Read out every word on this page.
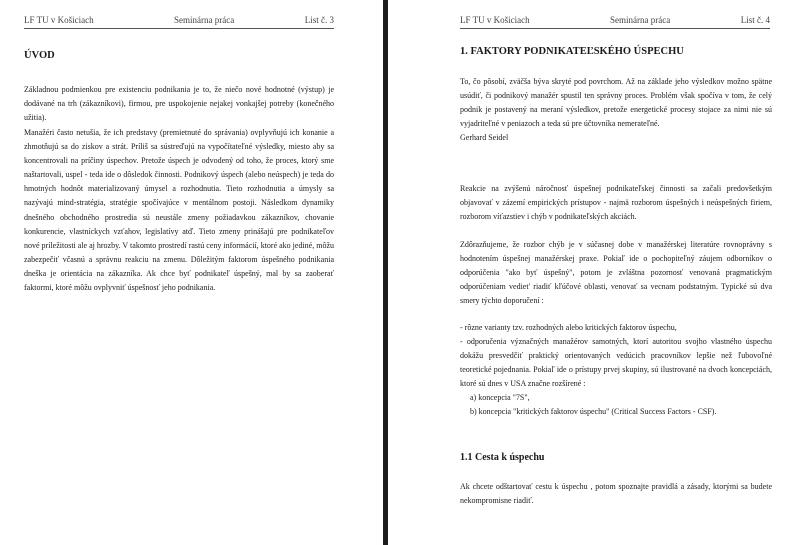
LF TU v Košiciach	Seminárna práca	List č. 3
ÚVOD

Základnou podmienkou pre existenciu podnikania je to, že niečo nové hodnotné (výstup) je dodávané na trh (zákazníkovi), firmou, pre uspokojenie nejakej vonkajšej potreby (konečného užitia).

Manažéri často netušia, že ich predstavy (premietnuté do správania) ovplyvňujú ich konanie a zhmotňujú sa do ziskov a strát. Príliš sa sústreďujú na vypočítateľné výsledky, miesto aby sa koncentrovali na príčiny úspechov. Pretože úspech je odvodený od toho, že proces, ktorý sme naštartovali, uspel - teda ide o dôsledok činnosti. Podnikový úspech (alebo neúspech) je teda do hmotných hodnôt materializovaný úmysel a rozhodnutia. Tieto rozhodnutia a úmysly sa nazývajú mind-stratégia, stratégie spočívajúce v mentálnom postoji. Následkom dynamiky dnešného obchodného prostredia sú neustále zmeny požiadavkou zákazníkov, chovanie konkurencie, vlastníckych vzťahov, legislatívy atď. Tieto zmeny prinášajú pre podnikateľov nové príležitosti ale aj hrozby. V takomto prostredí rastú ceny informácií, ktoré ako jediné, môžu zabezpečiť včasnú a správnu reakciu na zmenu. Dôležitým faktorom úspešného podnikania dneška je orientácia na zákazníka. Ak chce byť podnikateľ úspešný, mal by sa zaoberať faktormi, ktoré môžu ovplyvniť úspešnosť jeho podnikania.

LF TU v Košiciach	Seminárna práca	List č. 4
1. FAKTORY PODNIKATEĽSKÉHO ÚSPECHU

To, čo pôsobí, zväčša býva skryté pod povrchom. Až na základe jeho výsledkov možno spätne usúdiť, či podnikový manažér spustil ten správny proces. Problém však spočíva v tom, že celý podnik je postavený na meraní výsledkov, pretože energetické procesy stojace za nimi nie sú vyjadriteľné v peniazoch a teda sú pre účtovníka nemerateľné.

Gerhard Seidel

Reakcie na zvýšenú náročnosť úspešnej podnikateľskej činnosti sa začali predovšetkým objavovať v zázemí empirických prístupov - najmä rozborom úspešných i neúspešných firiem, rozborom víťazstiev i chýb v podnikateľských akciách.

Zdôrazňujeme, že rozbor chýb je v súčasnej dobe v manažérskej literatúre rovnoprávny s hodnotením úspešnej manažérskej praxe. Pokiaľ ide o pochopiteľný záujem odborníkov o odporúčenia "ako byť úspešný", potom je zvláštna pozornosť venovaná pragmatickým odporúčeniam vediet' riadiť kľúčové oblasti, venovať sa vecnam podstatným. Typické sú dva smery týchto doporučení :

- rôzne varianty tzv. rozhodných alebo kritických faktorov úspechu,

- odporučenia význačných manažérov samotných, ktorí autoritou svojho vlastného úspechu dokážu presvedčiť praktický orientovaných vedúcich pracovníkov lepšie než ľubovoľné teoretické pojednania. Pokiaľ ide o prístupy prvej skupiny, sú ilustrované na dvoch koncepciách, ktoré sú dnes v USA značne rozšírené :

a) koncepcia "7S",
b) koncepcia "kritických faktorov úspechu" (Critical Success Factors - CSF).
1.1 Cesta k úspechu

Ak chcete odštartovať cestu k úspechu , potom spoznajte pravidlá a zásady, ktorými sa budete nekompromisne riadiť.
